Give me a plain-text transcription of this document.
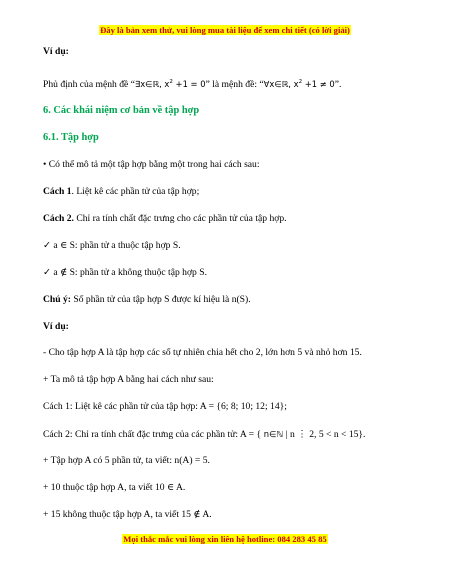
Đây là bản xem thử, vui lòng mua tài liệu để xem chi tiết (có lời giải)
Ví dụ:
Phủ định của mệnh đề “∃x∈ℝ, $x^2 +1 = 0$” là mệnh đề: “∀x∈ℝ, $x^2 +1 \ne 0$”.
6. Các khái niệm cơ bản về tập hợp
6.1. Tập hợp
• Có thể mô tả một tập hợp bằng một trong hai cách sau:
Cách 1. Liệt kê các phần tử của tập hợp;
Cách 2. Chỉ ra tính chất đặc trưng cho các phần tử của tập hợp.
✓ a ∈ S: phần tử a thuộc tập hợp S.
✓ a ∉ S: phần tử a không thuộc tập hợp S.
Chú ý: Số phần tử của tập hợp S được kí hiệu là n(S).
Ví dụ:
- Cho tập hợp A là tập hợp các số tự nhiên chia hết cho 2, lớn hơn 5 và nhỏ hơn 15.
+ Ta mô tả tập hợp A bằng hai cách như sau:
Cách 1: Liệt kê các phần tử của tập hợp: A = {6; 8; 10; 12; 14};
Cách 2: Chỉ ra tính chất đặc trưng của các phần tử: A = { n∈ℕ | n ⋮ 2, 5 < n < 15}.
+ Tập hợp A có 5 phần tử, ta viết: n(A) = 5.
+ 10 thuộc tập hợp A, ta viết 10 ∈ A.
+ 15 không thuộc tập hợp A, ta viết 15 ∉ A.
Mọi thắc mắc vui lòng xin liên hệ hotline: 084 283 45 85
